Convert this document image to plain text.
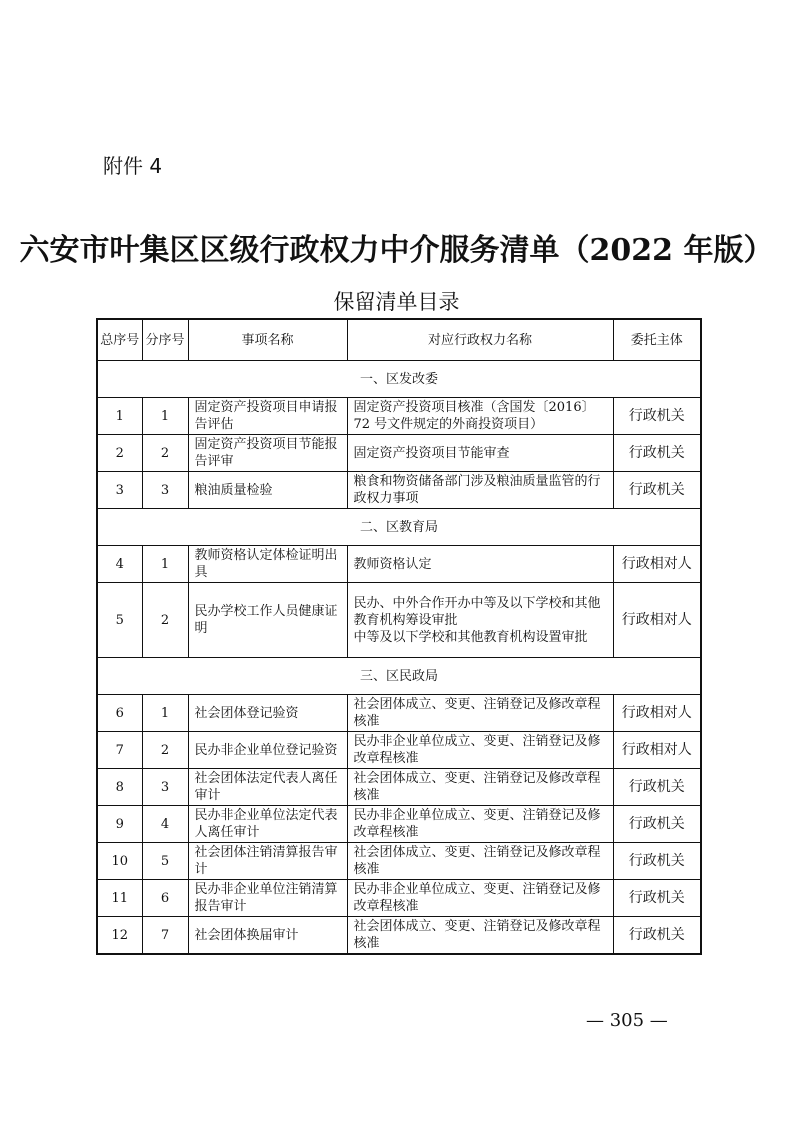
附件 4
六安市叶集区区级行政权力中介服务清单（2022 年版）
保留清单目录
总序号	分序号	事项名称	对应行政权力名称	委托主体
一、区发改委				
1	1	固定资产投资项目申请报告评估	固定资产投资项目核准（含国发〔2016〕72 号文件规定的外商投资项目）	行政机关
2	2	固定资产投资项目节能报告评审	固定资产投资项目节能审查	行政机关
3	3	粮油质量检验	粮食和物资储备部门涉及粮油质量监管的行政权力事项	行政机关
二、区教育局				
4	1	教师资格认定体检证明出具	教师资格认定	行政相对人
5	2	民办学校工作人员健康证明	民办、中外合作开办中等及以下学校和其他教育机构筹设审批
中等及以下学校和其他教育机构设置审批	行政相对人
三、区民政局				
6	1	社会团体登记验资	社会团体成立、变更、注销登记及修改章程核准	行政相对人
7	2	民办非企业单位登记验资	民办非企业单位成立、变更、注销登记及修改章程核准	行政相对人
8	3	社会团体法定代表人离任审计	社会团体成立、变更、注销登记及修改章程核准	行政机关
9	4	民办非企业单位法定代表人离任审计	民办非企业单位成立、变更、注销登记及修改章程核准	行政机关
10	5	社会团体注销清算报告审计	社会团体成立、变更、注销登记及修改章程核准	行政机关
11	6	民办非企业单位注销清算报告审计	民办非企业单位成立、变更、注销登记及修改章程核准	行政机关
12	7	社会团体换届审计	社会团体成立、变更、注销登记及修改章程核准	行政机关
— 305 —
